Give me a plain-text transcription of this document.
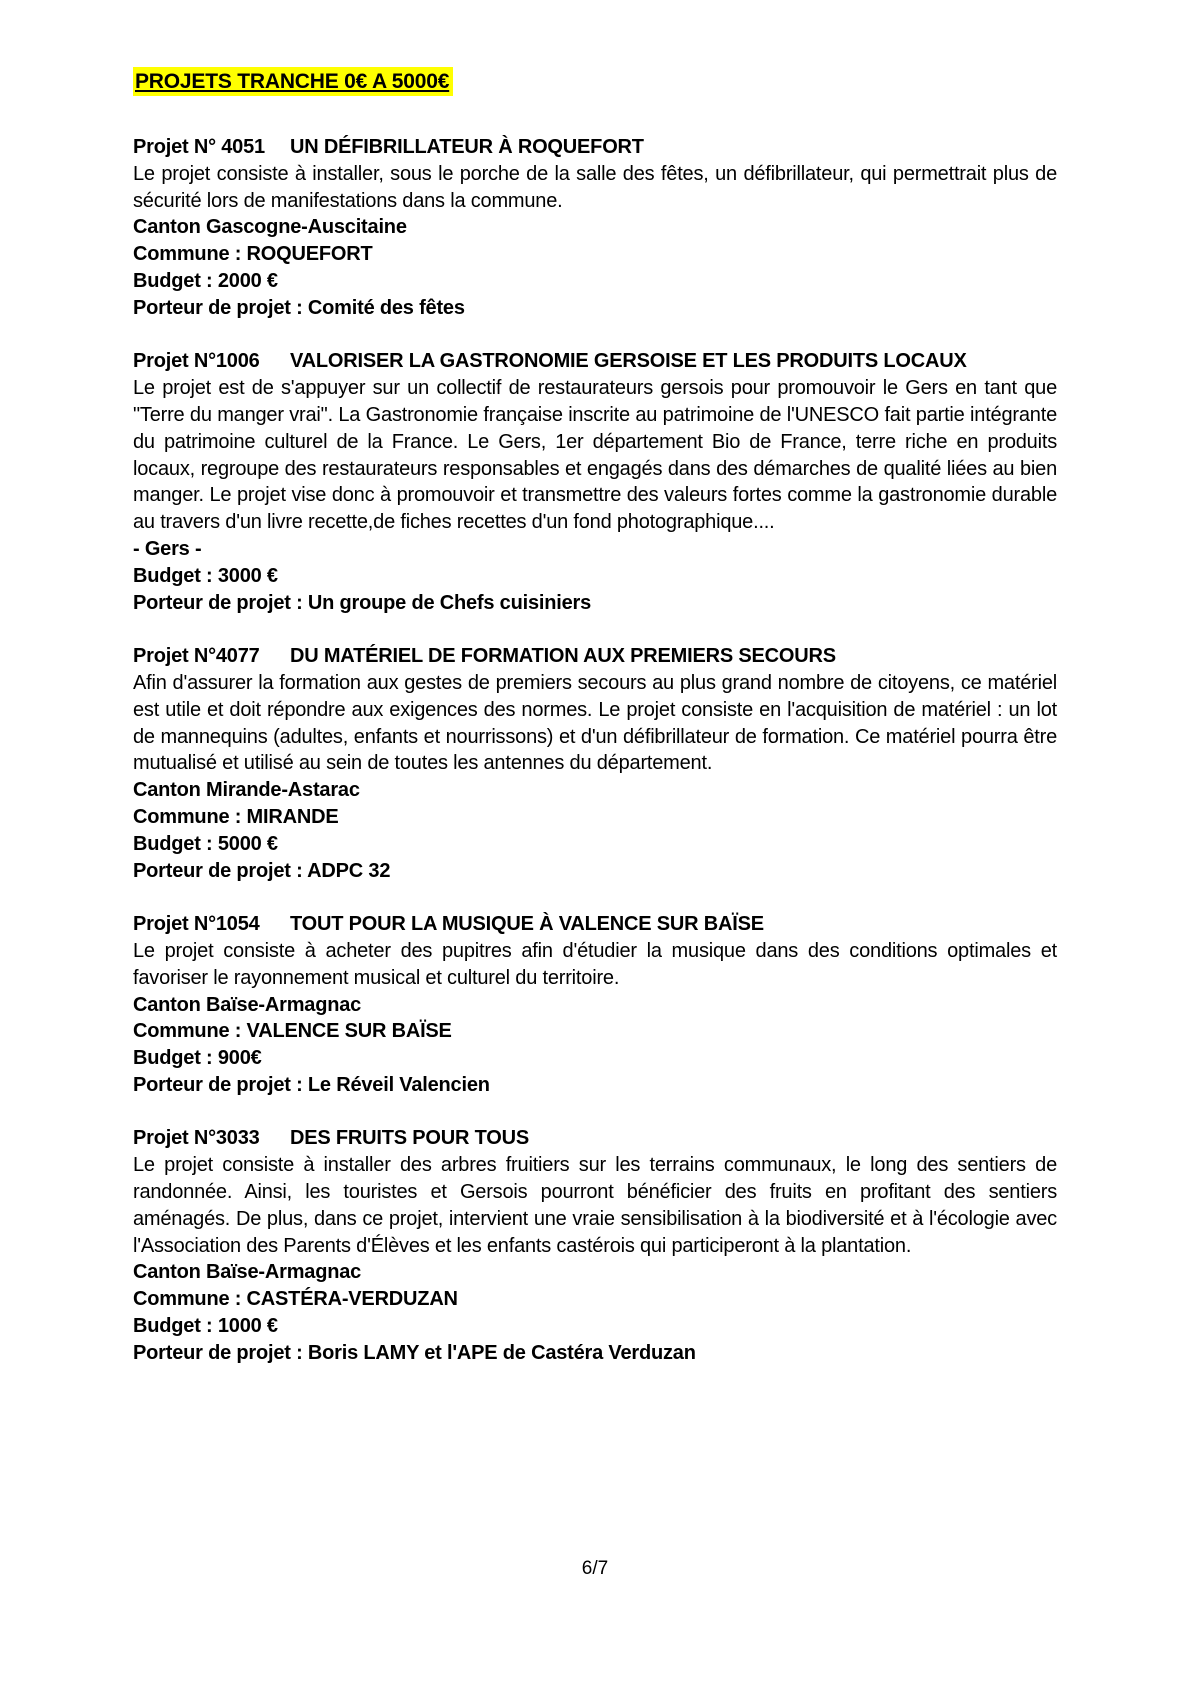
PROJETS TRANCHE 0€ A 5000€

Projet N° 4051 UN DÉFIBRILLATEUR À ROQUEFORT

Le projet consiste à installer, sous le porche de la salle des fêtes, un défibrillateur, qui permettrait plus de sécurité lors de manifestations dans la commune.

Canton Gascogne-Auscitaine

Commune : ROQUEFORT

Budget : 2000 €

Porteur de projet : Comité des fêtes

Projet N°1006 VALORISER LA GASTRONOMIE GERSOISE ET LES PRODUITS LOCAUX

Le projet est de s'appuyer sur un collectif de restaurateurs gersois pour promouvoir le Gers en tant que "Terre du manger vrai". La Gastronomie française inscrite au patrimoine de l'UNESCO fait partie intégrante du patrimoine culturel de la France. Le Gers, 1er département Bio de France, terre riche en produits locaux, regroupe des restaurateurs responsables et engagés dans des démarches de qualité liées au bien manger. Le projet vise donc à promouvoir et transmettre des valeurs fortes comme la gastronomie durable au travers d'un livre recette,de fiches recettes d'un fond photographique....

- Gers -

Budget : 3000 €

Porteur de projet : Un groupe de Chefs cuisiniers

Projet N°4077 DU MATÉRIEL DE FORMATION AUX PREMIERS SECOURS

Afin d'assurer la formation aux gestes de premiers secours au plus grand nombre de citoyens, ce matériel est utile et doit répondre aux exigences des normes. Le projet consiste en l'acquisition de matériel : un lot de mannequins (adultes, enfants et nourrissons) et d'un défibrillateur de formation. Ce matériel pourra être mutualisé et utilisé au sein de toutes les antennes du département.

Canton Mirande-Astarac

Commune : MIRANDE

Budget : 5000 €

Porteur de projet : ADPC 32

Projet N°1054 TOUT POUR LA MUSIQUE À VALENCE SUR BAÏSE

Le projet consiste à acheter des pupitres afin d'étudier la musique dans des conditions optimales et favoriser le rayonnement musical et culturel du territoire.

Canton Baïse-Armagnac

Commune : VALENCE SUR BAÏSE

Budget : 900€

Porteur de projet : Le Réveil Valencien

Projet N°3033 DES FRUITS POUR TOUS

Le projet consiste à installer des arbres fruitiers sur les terrains communaux, le long des sentiers de randonnée. Ainsi, les touristes et Gersois pourront bénéficier des fruits en profitant des sentiers aménagés. De plus, dans ce projet, intervient une vraie sensibilisation à la biodiversité et à l'écologie avec l'Association des Parents d'Élèves et les enfants castérois qui participeront à la plantation.

Canton Baïse-Armagnac

Commune : CASTÉRA-VERDUZAN

Budget : 1000 €

Porteur de projet : Boris LAMY et l'APE de Castéra Verduzan

6/7
